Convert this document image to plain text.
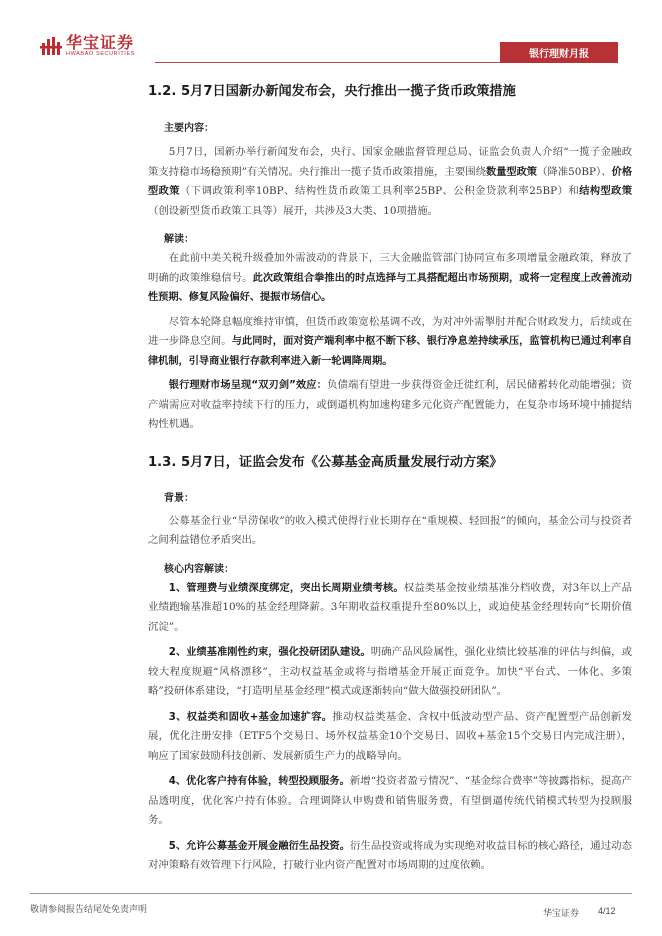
华宝证券
HWABAO SECURITIES	银行理财月报
1.2. 5月7日国新办新闻发布会，央行推出一揽子货币政策措施

主要内容：

5月7日，国新办举行新闻发布会，央行、国家金融监督管理总局、证监会负责人介绍“一揽子金融政策支持稳市场稳预期”有关情况。央行推出一揽子货币政策措施，主要围绕数量型政策（降准50BP）、价格型政策（下调政策利率10BP、结构性货币政策工具利率25BP、公积金贷款利率25BP）和结构型政策（创设新型货币政策工具等）展开，共涉及3大类、10项措施。

解读：

在此前中美关税升级叠加外需波动的背景下，三大金融监管部门协同宣布多项增量金融政策，释放了明确的政策维稳信号。此次政策组合拳推出的时点选择与工具搭配超出市场预期，或将一定程度上改善流动性预期、修复风险偏好、提振市场信心。

尽管本轮降息幅度维持审慎，但货币政策宽松基调不改，为对冲外需掣肘并配合财政发力，后续或在进一步降息空间。与此同时，面对资产端利率中枢不断下移、银行净息差持续承压，监管机构已通过利率自律机制，引导商业银行存款利率进入新一轮调降周期。

银行理财市场呈现“双刃剑”效应：负债端有望进一步获得资金迁徙红利，居民储蓄转化动能增强；资产端需应对收益率持续下行的压力，或倒逼机构加速构建多元化资产配置能力，在复杂市场环境中捕捉结构性机遇。

1.3. 5月7日，证监会发布《公募基金高质量发展行动方案》

背景：

公募基金行业“旱涝保收”的收入模式使得行业长期存在“重规模、轻回报”的倾向，基金公司与投资者之间利益错位矛盾突出。

核心内容解读：

1、管理费与业绩深度绑定，突出长周期业绩考核。权益类基金按业绩基准分档收费，对3年以上产品业绩跑输基准超10%的基金经理降薪。3年期收益权重提升至80%以上，或迫使基金经理转向“长期价值沉淀”。

2、业绩基准刚性约束，强化投研团队建设。明确产品风险属性，强化业绩比较基准的评估与纠偏，或较大程度规避“风格漂移”，主动权益基金或将与指增基金开展正面竞争。加快“平台式、一体化、多策略”投研体系建设，“打造明星基金经理”模式或逐渐转向“做大做强投研团队”。

3、权益类和固收+基金加速扩容。推动权益类基金、含权中低波动型产品、资产配置型产品创新发展，优化注册安排（ETF5个交易日、场外权益基金10个交易日、固收+基金15个交易日内完成注册），响应了国家鼓励科技创新、发展新质生产力的战略导向。

4、优化客户持有体验，转型投顾服务。新增“投资者盈亏情况”、“基金综合费率”等披露指标，提高产品透明度，优化客户持有体验。合理调降认申购费和销售服务费，有望倒逼传统代销模式转型为投顾服务。

5、允许公募基金开展金融衍生品投资。衍生品投资或将成为实现绝对收益目标的核心路径，通过动态对冲策略有效管理下行风险，打破行业内资产配置对市场周期的过度依赖。

敬请参阅报告结尾处免责声明	华宝证券 4/12
